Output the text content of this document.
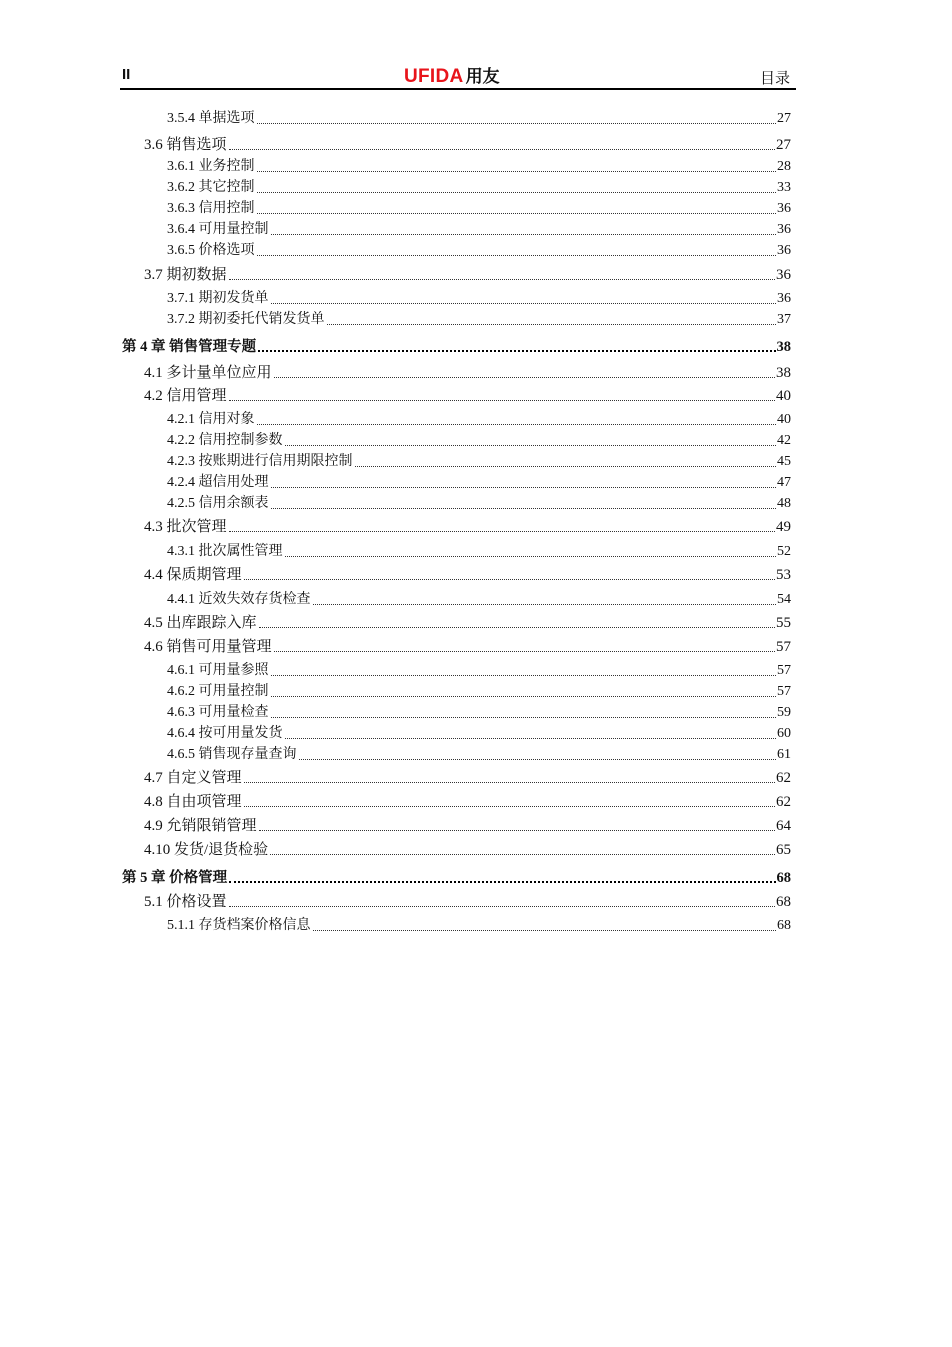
II	UFIDA 用友	目录
3.5.4 单据选项	27
3.6 销售选项	27
3.6.1 业务控制	28
3.6.2 其它控制	33
3.6.3 信用控制	36
3.6.4 可用量控制	36
3.6.5 价格选项	36
3.7 期初数据	36
3.7.1 期初发货单	36
3.7.2 期初委托代销发货单	37
第 4 章 销售管理专题	38
4.1 多计量单位应用	38
4.2 信用管理	40
4.2.1 信用对象	40
4.2.2 信用控制参数	42
4.2.3 按账期进行信用期限控制	45
4.2.4 超信用处理	47
4.2.5 信用余额表	48
4.3 批次管理	49
4.3.1 批次属性管理	52
4.4 保质期管理	53
4.4.1 近效失效存货检查	54
4.5 出库跟踪入库	55
4.6 销售可用量管理	57
4.6.1 可用量参照	57
4.6.2 可用量控制	57
4.6.3 可用量检查	59
4.6.4 按可用量发货	60
4.6.5 销售现存量查询	61
4.7 自定义管理	62
4.8 自由项管理	62
4.9 允销限销管理	64
4.10 发货/退货检验	65
第 5 章 价格管理	68
5.1 价格设置	68
5.1.1 存货档案价格信息	68
